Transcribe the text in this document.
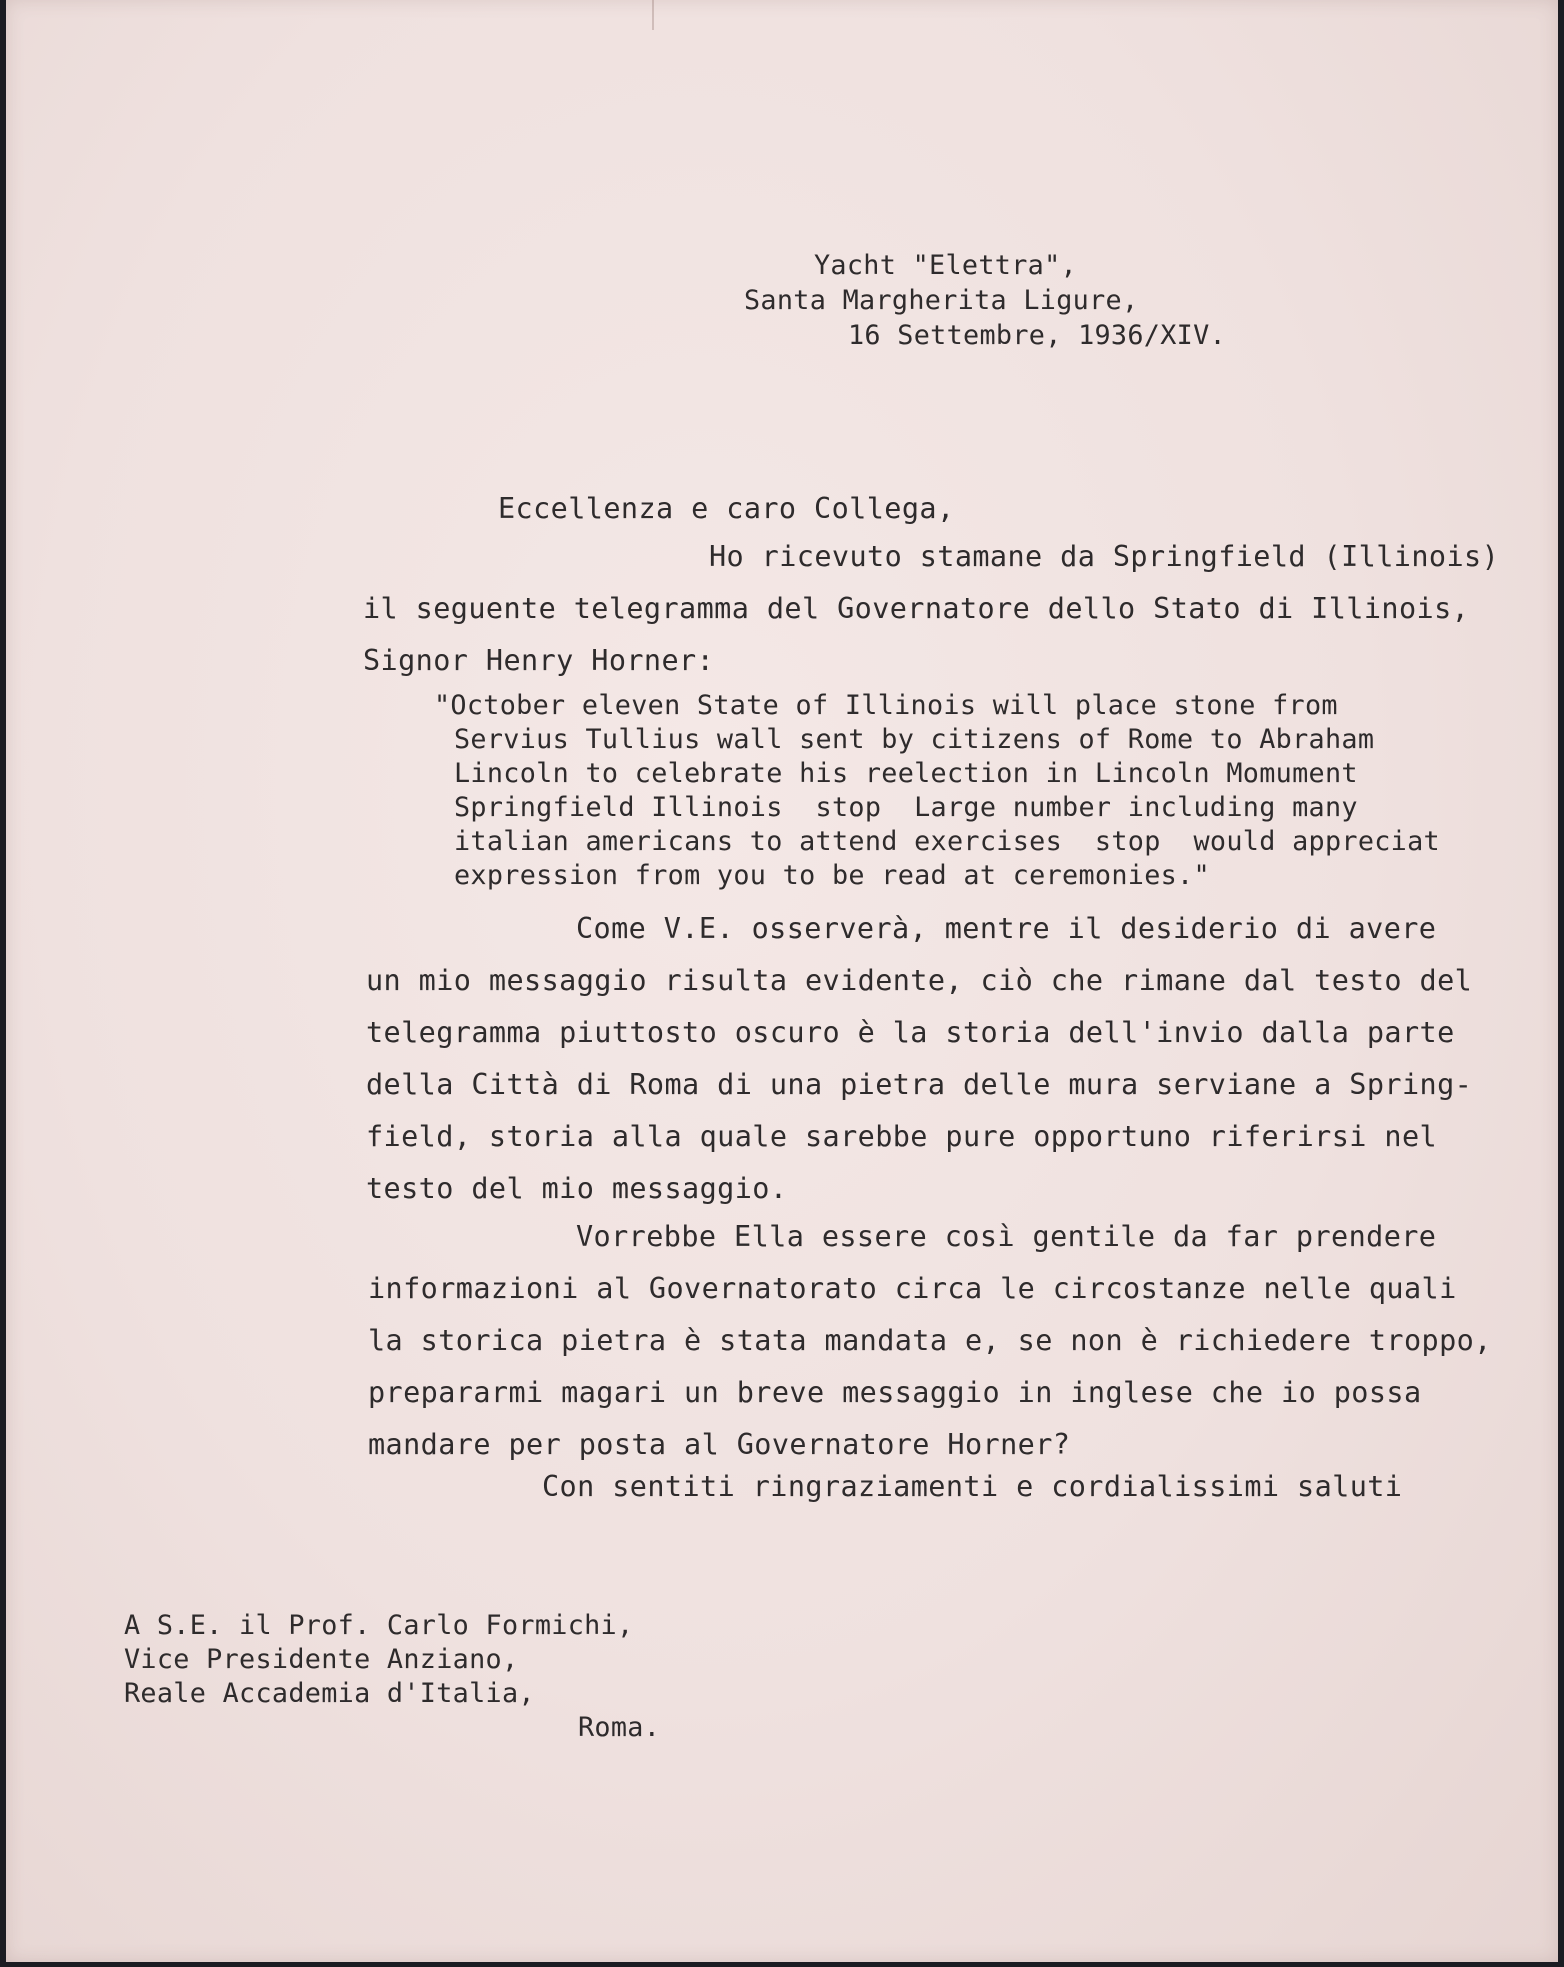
Yacht "Elettra",

Santa Margherita Ligure,

16 Settembre, 1936/XIV.

Eccellenza e caro Collega,

Ho ricevuto stamane da Springfield (Illinois)

il seguente telegramma del Governatore dello Stato di Illinois,

Signor Henry Horner:

"October eleven State of Illinois will place stone from

Servius Tullius wall sent by citizens of Rome to Abraham

Lincoln to celebrate his reelection in Lincoln Momument

Springfield Illinois  stop  Large number including many

italian americans to attend exercises  stop  would appreciat

expression from you to be read at ceremonies."

Come V.E. osserverà, mentre il desiderio di avere

un mio messaggio risulta evidente, ciò che rimane dal testo del

telegramma piuttosto oscuro è la storia dell'invio dalla parte

della Città di Roma di una pietra delle mura serviane a Spring-

field, storia alla quale sarebbe pure opportuno riferirsi nel

testo del mio messaggio.

Vorrebbe Ella essere così gentile da far prendere

informazioni al Governatorato circa le circostanze nelle quali

la storica pietra è stata mandata e, se non è richiedere troppo,

prepararmi magari un breve messaggio in inglese che io possa

mandare per posta al Governatore Horner?

Con sentiti ringraziamenti e cordialissimi saluti

A S.E. il Prof. Carlo Formichi,

Vice Presidente Anziano,

Reale Accademia d'Italia,

Roma.
